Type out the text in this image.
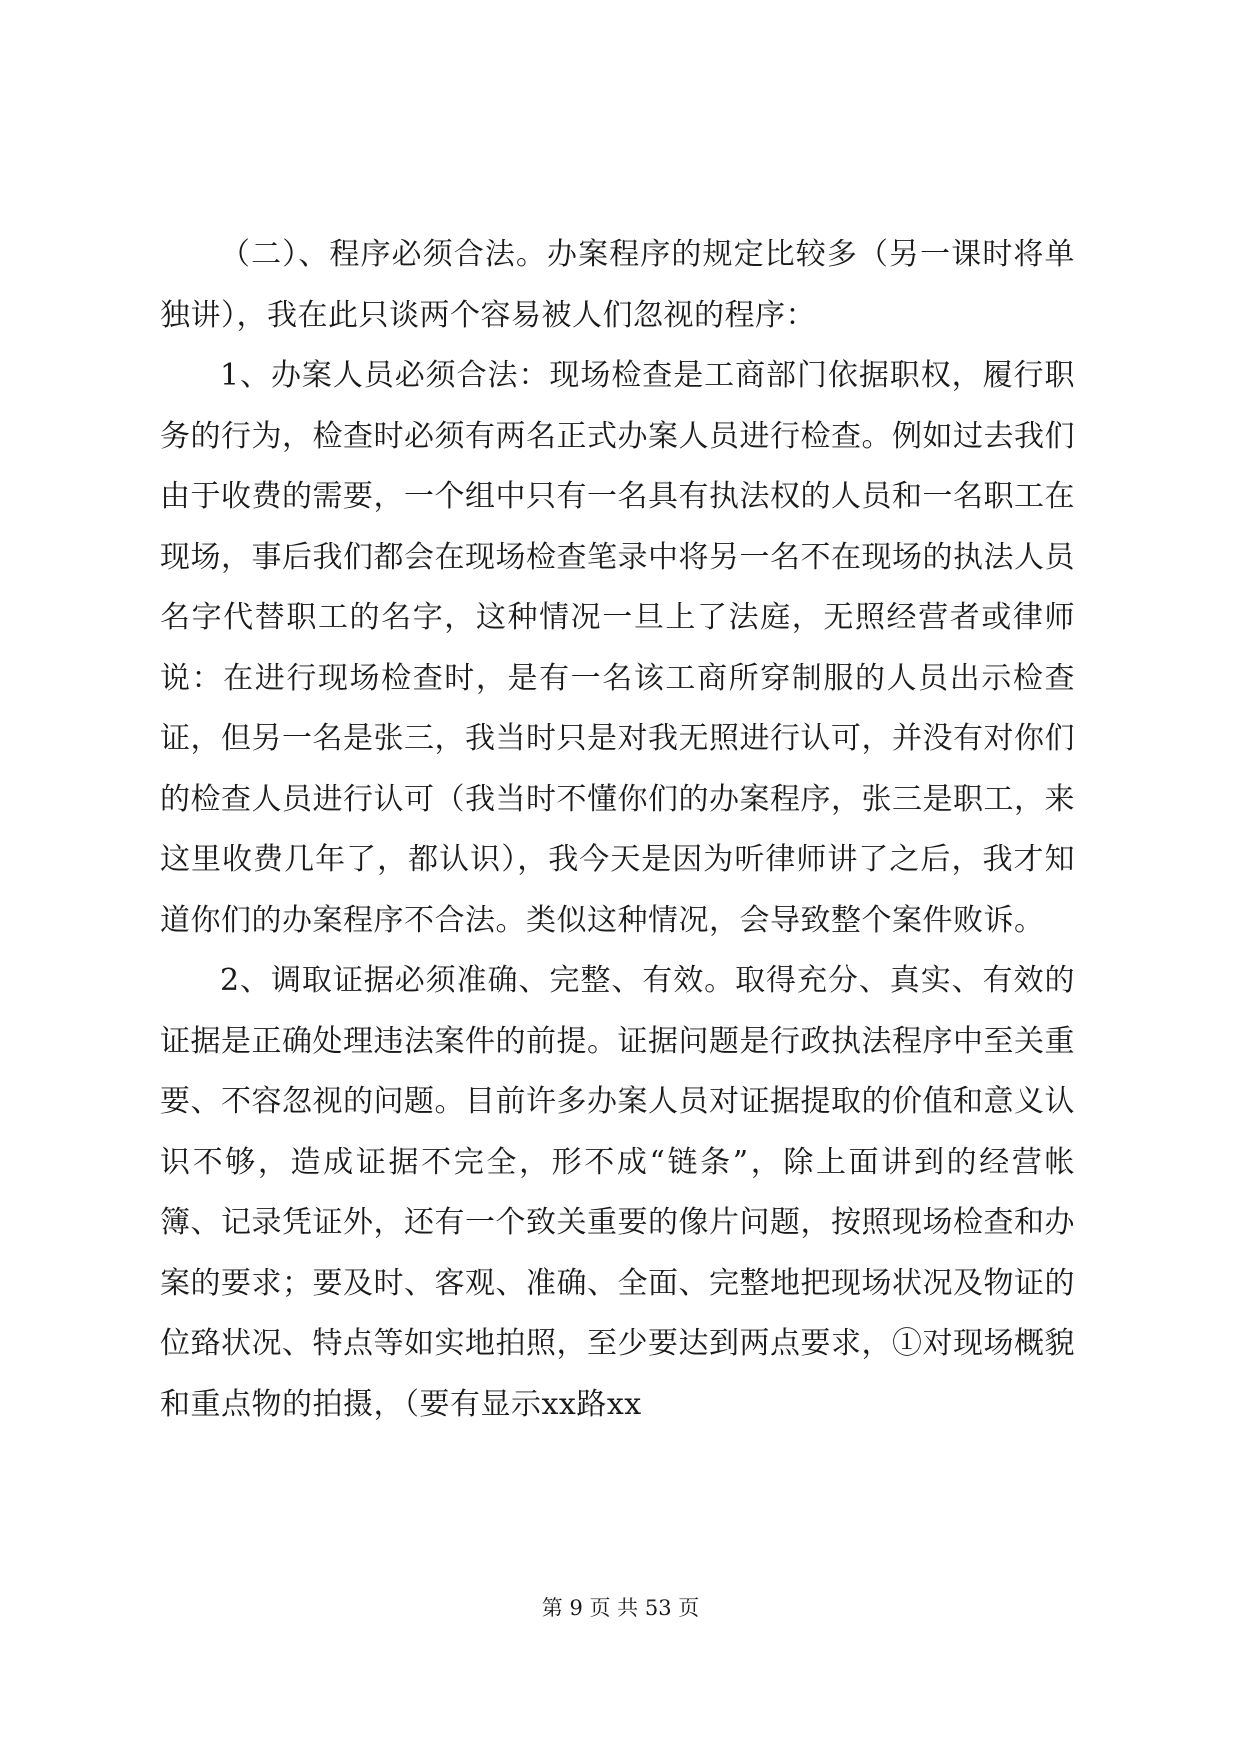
（二）、程序必须合法。办案程序的规定比较多（另一课时将单独讲），我在此只谈两个容易被人们忽视的程序：

1、办案人员必须合法：现场检查是工商部门依据职权，履行职务的行为，检查时必须有两名正式办案人员进行检查。例如过去我们由于收费的需要，一个组中只有一名具有执法权的人员和一名职工在现场，事后我们都会在现场检查笔录中将另一名不在现场的执法人员名字代替职工的名字，这种情况一旦上了法庭，无照经营者或律师说：在进行现场检查时，是有一名该工商所穿制服的人员出示检查证，但另一名是张三，我当时只是对我无照进行认可，并没有对你们的检查人员进行认可（我当时不懂你们的办案程序，张三是职工，来这里收费几年了，都认识），我今天是因为听律师讲了之后，我才知道你们的办案程序不合法。类似这种情况，会导致整个案件败诉。

2、调取证据必须准确、完整、有效。取得充分、真实、有效的证据是正确处理违法案件的前提。证据问题是行政执法程序中至关重要、不容忽视的问题。目前许多办案人员对证据提取的价值和意义认识不够，造成证据不完全，形不成“链条”，除上面讲到的经营帐簿、记录凭证外，还有一个致关重要的像片问题，按照现场检查和办案的要求；要及时、客观、准确、全面、完整地把现场状况及物证的位臵状况、特点等如实地拍照，至少要达到两点要求，①对现场概貌和重点物的拍摄，（要有显示xx路xx

第 9 页 共 53 页
